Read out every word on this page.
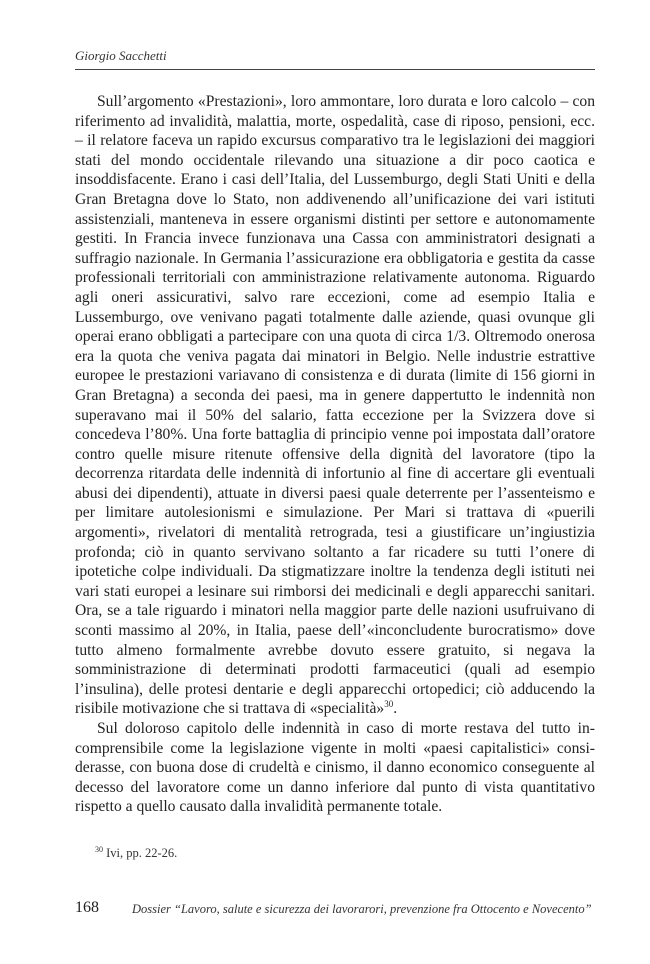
Giorgio Sacchetti

Sull’argomento «Prestazioni», loro ammontare, loro durata e loro calcolo – con riferimento ad invalidità, malattia, morte, ospedalità, case di riposo, pensioni, ecc. – il relatore faceva un rapido excursus comparativo tra le legislazioni dei maggiori stati del mondo occidentale rilevando una situazione a dir poco caotica e insoddisfacente. Erano i casi dell’Italia, del Lussemburgo, degli Stati Uniti e della Gran Bretagna dove lo Stato, non addivenendo all’unificazione dei vari istituti assistenziali, manteneva in essere organismi distinti per settore e autonomamente gestiti. In Francia invece funzionava una Cassa con amministratori designati a suffragio nazionale. In Germania l’assicurazione era obbligatoria e gestita da casse professionali territoriali con amministrazione relativamente autonoma. Riguardo agli oneri assicurativi, salvo rare eccezioni, come ad esempio Italia e Lussemburgo, ove venivano pagati totalmente dalle aziende, quasi ovunque gli operai erano obbligati a partecipare con una quota di circa 1/3. Oltremodo onerosa era la quota che veniva pagata dai minatori in Belgio. Nelle industrie estrattive europee le prestazioni variavano di consistenza e di durata (limite di 156 giorni in Gran Bretagna) a seconda dei paesi, ma in genere dappertutto le indennità non superavano mai il 50% del salario, fatta eccezione per la Svizzera dove si concedeva l’80%. Una forte battaglia di principio venne poi impostata dall’oratore contro quelle misure ritenute offensive della dignità del lavoratore (tipo la decorrenza ritardata delle indennità di infortunio al fine di accertare gli eventuali abusi dei dipendenti), attuate in diversi paesi quale deterrente per l’assenteismo e per limitare autolesionismi e simulazione. Per Mari si trattava di «puerili argomenti», rivelatori di mentalità retrograda, tesi a giustificare un’ingiustizia profonda; ciò in quanto servivano soltanto a far ricadere su tutti l’onere di ipotetiche colpe individuali. Da stigmatizzare inoltre la tendenza degli istituti nei vari stati europei a lesinare sui rimborsi dei medicinali e degli apparecchi sanitari. Ora, se a tale riguardo i minatori nella maggior parte delle nazioni usufruivano di sconti massimo al 20%, in Italia, paese dell’«inconcludente burocratismo» dove tutto almeno formalmente avrebbe dovuto essere gratuito, si negava la somministrazione di determinati prodotti farmaceutici (quali ad esempio l’insulina), delle protesi dentarie e degli apparecchi ortopedici; ciò adducendo la risibile motivazione che si trattava di «specialità»$^{30}$.

Sul doloroso capitolo delle indennità in caso di morte restava del tutto incomprensibile come la legislazione vigente in molti «paesi capitalistici» considerasse, con buona dose di crudeltà e cinismo, il danno economico conseguente al decesso del lavoratore come un danno inferiore dal punto di vista quantitativo rispetto a quello causato dalla invalidità permanente totale.

$^{30}$ Ivi, pp. 22-26.
168	Dossier “Lavoro, salute e sicurezza dei lavorarori, prevenzione fra Ottocento e Novecento”
